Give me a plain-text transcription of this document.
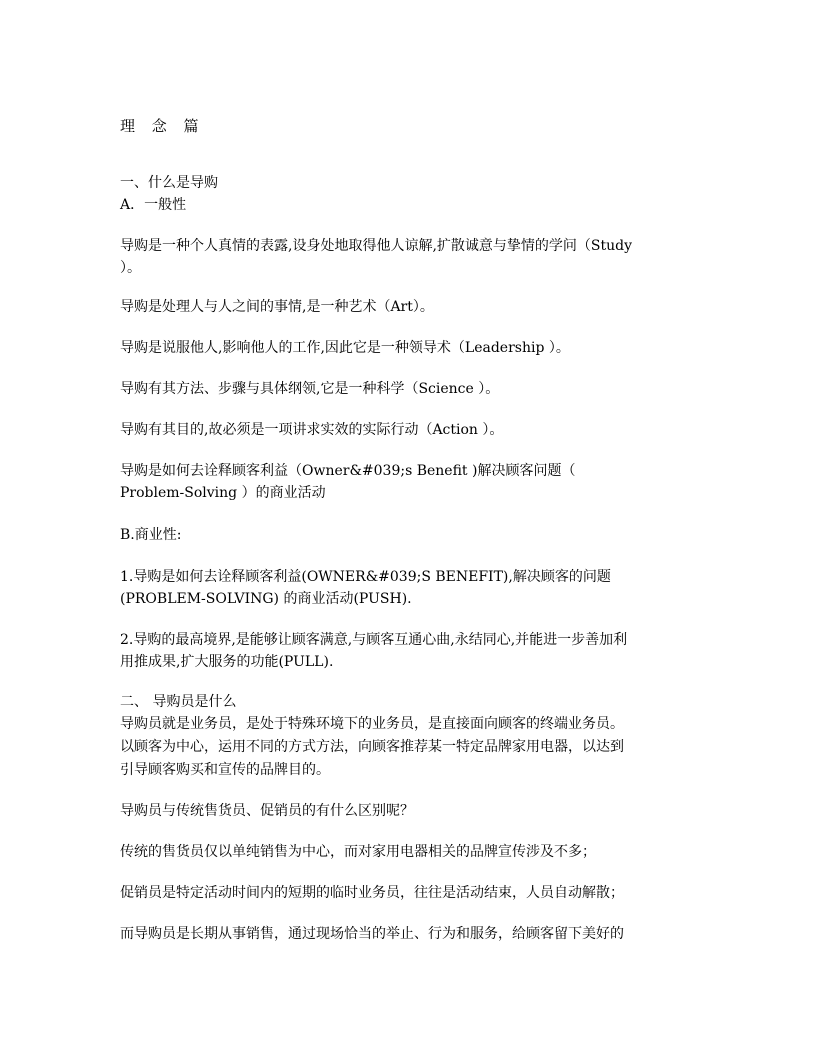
理 念 篇
一、什么是导购
A．一般性
导购是一种个人真情的表露,设身处地取得他人谅解,扩散诚意与挚情的学问（Study
）。
导购是处理人与人之间的事情,是一种艺术（Art）。
导购是说服他人,影响他人的工作,因此它是一种领导术（Leadership ）。
导购有其方法、步骤与具体纲领,它是一种科学（Science ）。
导购有其目的,故必须是一项讲求实效的实际行动（Action ）。
导购是如何去诠释顾客利益（Owner&#039;s Benefit )解决顾客问题（
Problem-Solving ）的商业活动
B.商业性:
1.导购是如何去诠释顾客利益(OWNER&#039;S BENEFIT),解决顾客的问题
(PROBLEM-SOLVING) 的商业活动(PUSH).
2.导购的最高境界,是能够让顾客满意,与顾客互通心曲,永结同心,并能进一步善加利
用推成果,扩大服务的功能(PULL).
二、 导购员是什么
导购员就是业务员，是处于特殊环境下的业务员，是直接面向顾客的终端业务员。
以顾客为中心，运用不同的方式方法，向顾客推荐某一特定品牌家用电器，以达到
引导顾客购买和宣传的品牌目的。
导购员与传统售货员、促销员的有什么区别呢？
传统的售货员仅以单纯销售为中心，而对家用电器相关的品牌宣传涉及不多；
促销员是特定活动时间内的短期的临时业务员，往往是活动结束，人员自动解散；
而导购员是长期从事销售，通过现场恰当的举止、行为和服务，给顾客留下美好的
